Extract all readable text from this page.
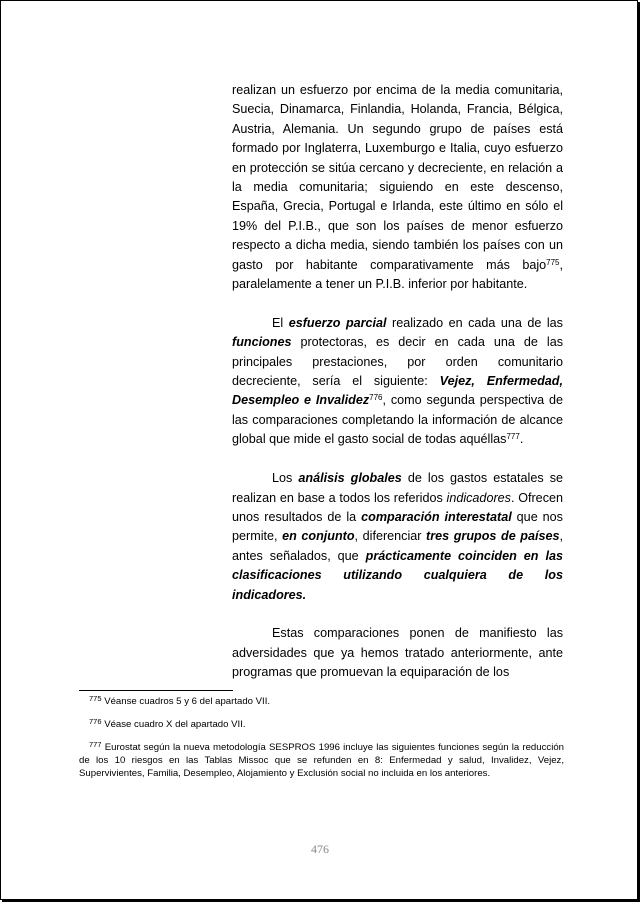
realizan un esfuerzo por encima de la media comunitaria, Suecia, Dinamarca, Finlandia, Holanda, Francia, Bélgica, Austria, Alemania. Un segundo grupo de países está formado por Inglaterra, Luxemburgo e Italia, cuyo esfuerzo en protección se sitúa cercano y decreciente, en relación a la media comunitaria; siguiendo en este descenso, España, Grecia, Portugal e Irlanda, este último en sólo el 19% del P.I.B., que son los países de menor esfuerzo respecto a dicha media, siendo también los países con un gasto por habitante comparativamente más bajo$^{775}$, paralelamente a tener un P.I.B. inferior por habitante.

El esfuerzo parcial realizado en cada una de las funciones protectoras, es decir en cada una de las principales prestaciones, por orden comunitario decreciente, sería el siguiente: Vejez, Enfermedad, Desempleo e Invalidez$^{776}$, como segunda perspectiva de las comparaciones completando la información de alcance global que mide el gasto social de todas aquéllas$^{777}$.

Los análisis globales de los gastos estatales se realizan en base a todos los referidos indicadores. Ofrecen unos resultados de la comparación interestatal que nos permite, en conjunto, diferenciar tres grupos de países, antes señalados, que prácticamente coinciden en las clasificaciones utilizando cualquiera de los indicadores.

Estas comparaciones ponen de manifiesto las adversidades que ya hemos tratado anteriormente, ante programas que promuevan la equiparación de los

$^{775}$ Véanse cuadros 5 y 6 del apartado VII.

$^{776}$ Véase cuadro X del apartado VII.

$^{777}$ Eurostat según la nueva metodología SESPROS 1996 incluye las siguientes funciones según la reducción de los 10 riesgos en las Tablas Missoc que se refunden en 8: Enfermedad y salud, Invalidez, Vejez, Supervivientes, Familia, Desempleo, Alojamiento y Exclusión social no incluida en los anteriores.

476
